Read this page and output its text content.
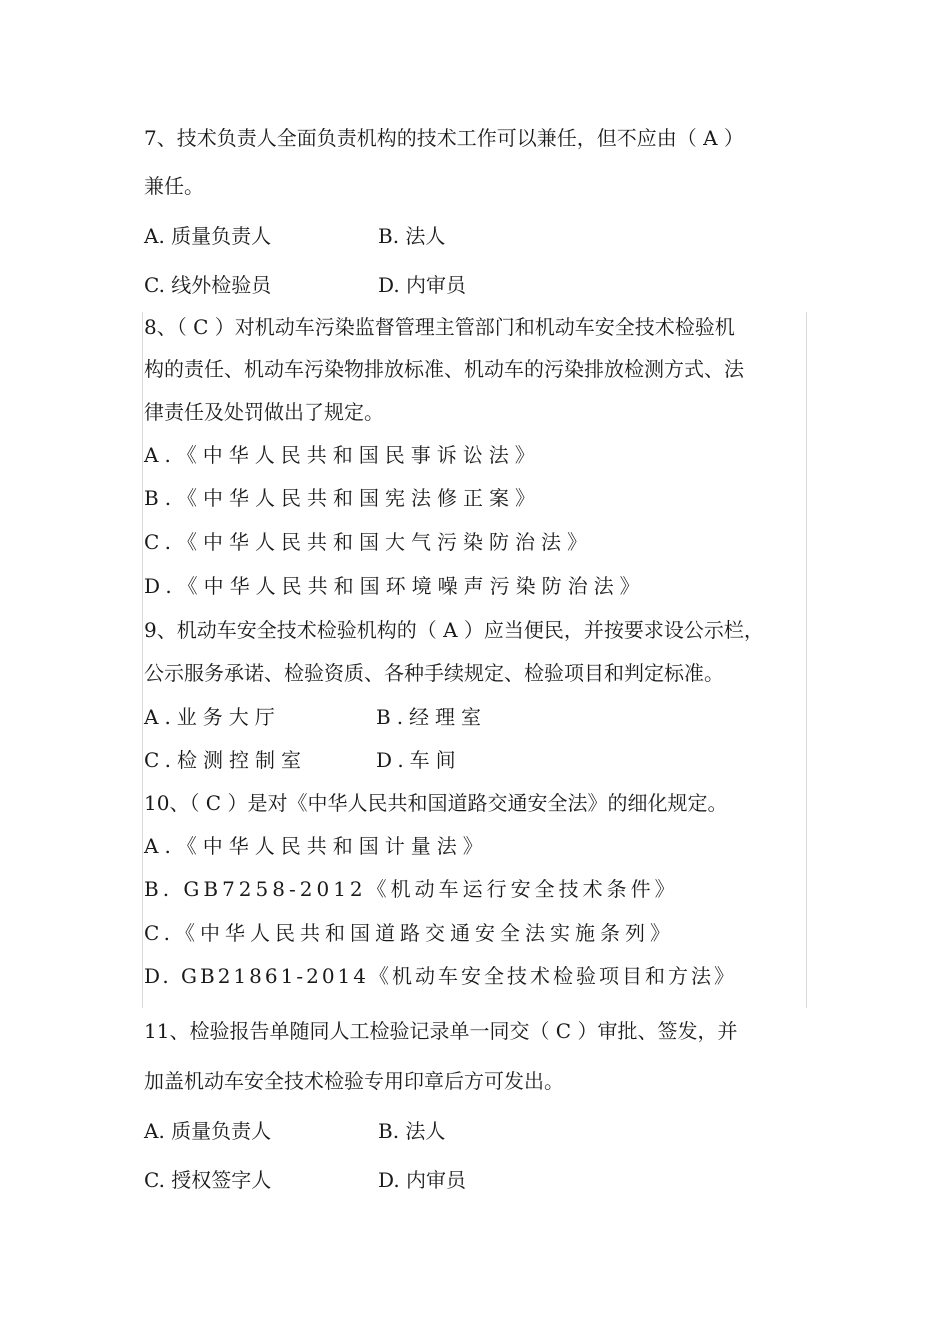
7、技术负责人全面负责机构的技术工作可以兼任，但不应由（ A ）
兼任。
A. 质量负责人	B. 法人
C. 线外检验员	D. 内审员
8、（ C ）对机动车污染监督管理主管部门和机动车安全技术检验机
构的责任、机动车污染物排放标准、机动车的污染排放检测方式、法
律责任及处罚做出了规定。
A.《中华人民共和国民事诉讼法》
B.《中华人民共和国宪法修正案》
C.《中华人民共和国大气污染防治法》
D.《中华人民共和国环境噪声污染防治法》
9、机动车安全技术检验机构的（ A ）应当便民，并按要求设公示栏，
公示服务承诺、检验资质、各种手续规定、检验项目和判定标准。
A.业务大厅	B.经理室
C.检测控制室	D.车间
10、（ C ）是对《中华人民共和国道路交通安全法》的细化规定。
A.《中华人民共和国计量法》
B. GB7258-2012《机动车运行安全技术条件》
C.《中华人民共和国道路交通安全法实施条列》
D. GB21861-2014《机动车安全技术检验项目和方法》
11、检验报告单随同人工检验记录单一同交（ C ）审批、签发，并
加盖机动车安全技术检验专用印章后方可发出。
A. 质量负责人	B. 法人
C. 授权签字人	D. 内审员
